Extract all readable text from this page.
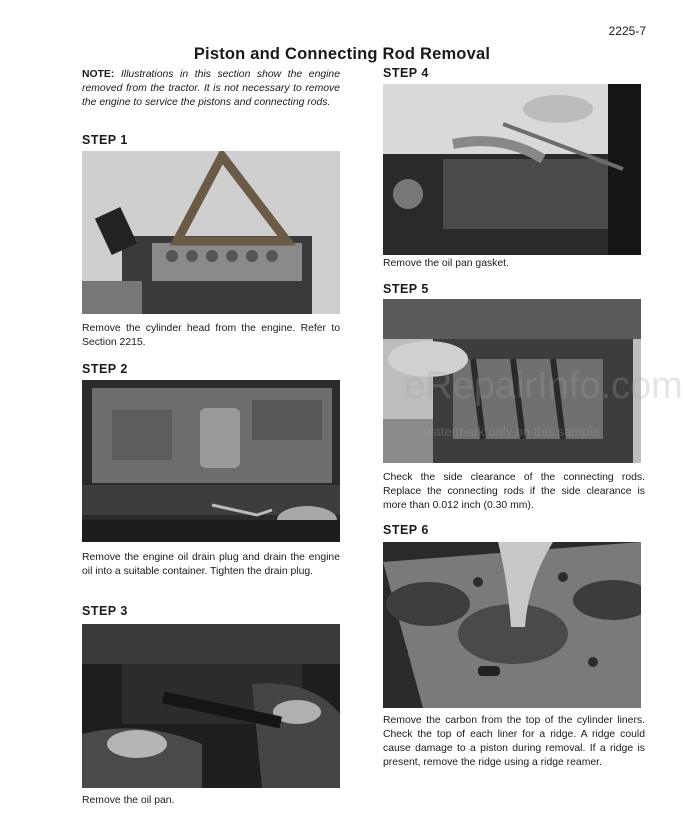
2225-7
Piston and Connecting Rod Removal
NOTE: Illustrations in this section show the engine removed from the tractor. It is not necessary to remove the engine to service the pistons and connecting rods.
STEP 1
Remove the cylinder head from the engine. Refer to Section 2215.
STEP 2
Remove the engine oil drain plug and drain the engine oil into a suitable container. Tighten the drain plug.
STEP 3
Remove the oil pan.
STEP 4
Remove the oil pan gasket.
STEP 5
Check the side clearance of the connecting rods. Replace the connecting rods if the side clearance is more than 0.012 inch (0.30 mm).
STEP 6
Remove the carbon from the top of the cylinder liners. Check the top of each liner for a ridge. A ridge could cause damage to a piston during removal. If a ridge is present, remove the ridge using a ridge reamer.
eRepairInfo.com
watermark only on this sample
